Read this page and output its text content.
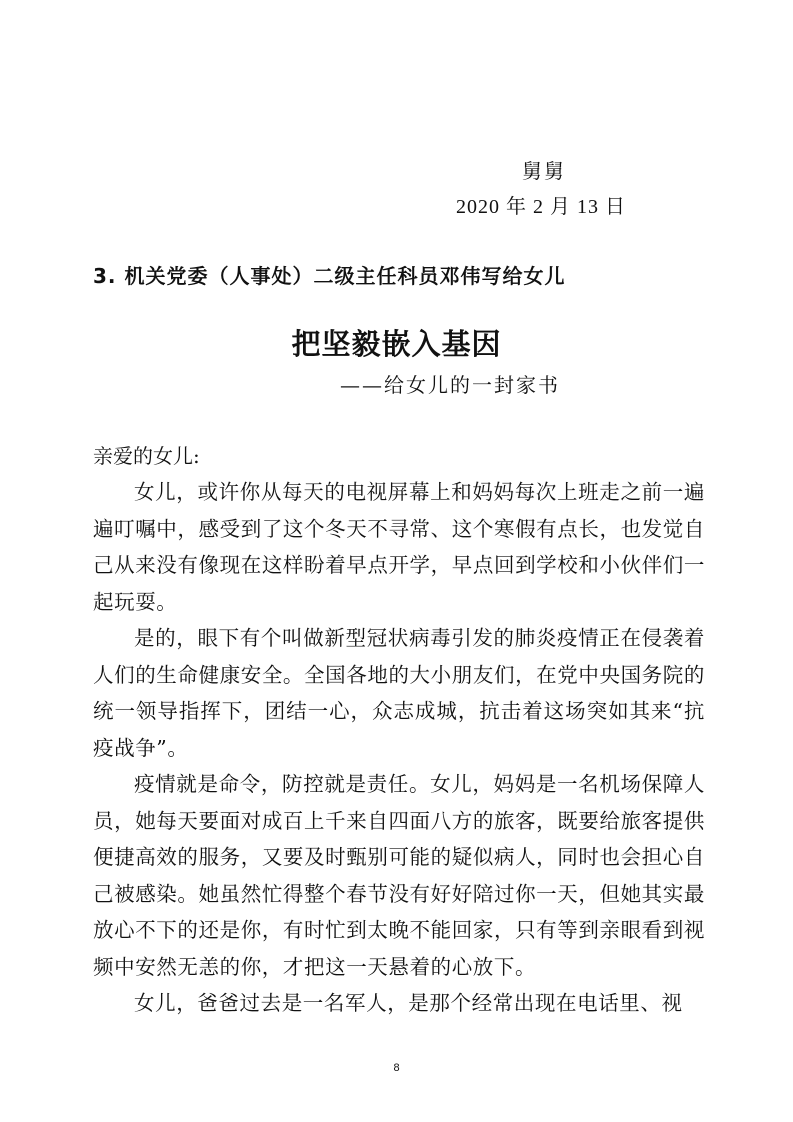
舅舅
2020 年 2 月 13 日
3. 机关党委（人事处）二级主任科员邓伟写给女儿
把坚毅嵌入基因
——给女儿的一封家书
亲爱的女儿:

女儿，或许你从每天的电视屏幕上和妈妈每次上班走之前一遍遍叮嘱中，感受到了这个冬天不寻常、这个寒假有点长，也发觉自己从来没有像现在这样盼着早点开学，早点回到学校和小伙伴们一起玩耍。

是的，眼下有个叫做新型冠状病毒引发的肺炎疫情正在侵袭着人们的生命健康安全。全国各地的大小朋友们，在党中央国务院的统一领导指挥下，团结一心，众志成城，抗击着这场突如其来“抗疫战争”。

疫情就是命令，防控就是责任。女儿，妈妈是一名机场保障人员，她每天要面对成百上千来自四面八方的旅客，既要给旅客提供便捷高效的服务，又要及时甄别可能的疑似病人，同时也会担心自己被感染。她虽然忙得整个春节没有好好陪过你一天，但她其实最放心不下的还是你，有时忙到太晚不能回家，只有等到亲眼看到视频中安然无恙的你，才把这一天悬着的心放下。

女儿，爸爸过去是一名军人，是那个经常出现在电话里、视

8
